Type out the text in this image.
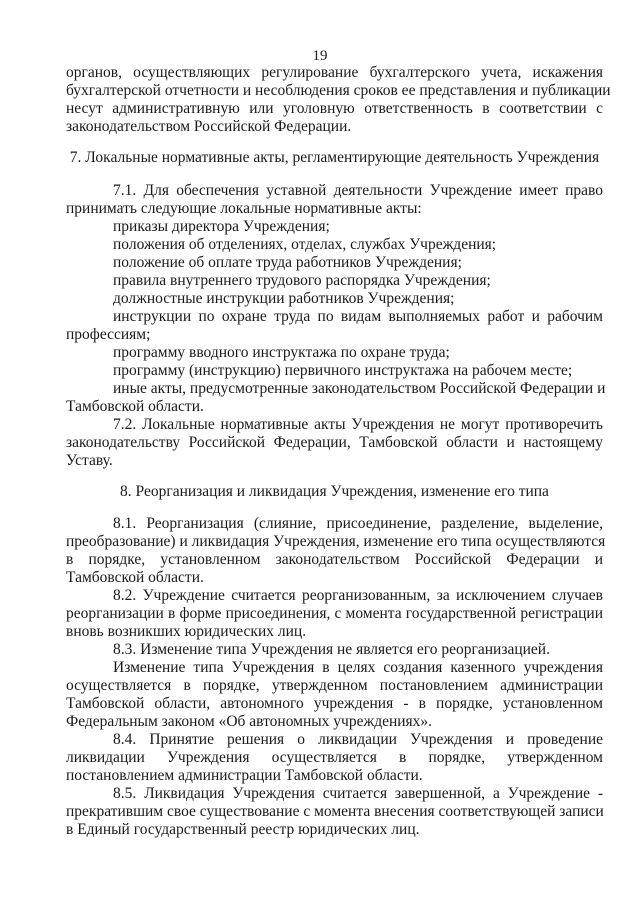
19
органов, осуществляющих регулирование бухгалтерского учета, искажения
бухгалтерской отчетности и несоблюдения сроков ее представления и публикации
несут административную или уголовную ответственность в соответствии с
законодательством Российской Федерации.
7. Локальные нормативные акты, регламентирующие деятельность Учреждения
7.1. Для обеспечения уставной деятельности Учреждение имеет право
принимать следующие локальные нормативные акты:
приказы директора Учреждения;
положения об отделениях, отделах, службах Учреждения;
положение об оплате труда работников Учреждения;
правила внутреннего трудового распорядка Учреждения;
должностные инструкции работников Учреждения;
инструкции по охране труда по видам выполняемых работ и рабочим
профессиям;
программу вводного инструктажа по охране труда;
программу (инструкцию) первичного инструктажа на рабочем месте;
иные акты, предусмотренные законодательством Российской Федерации и
Тамбовской области.
7.2. Локальные нормативные акты Учреждения не могут противоречить
законодательству Российской Федерации, Тамбовской области и настоящему
Уставу.
8. Реорганизация и ликвидация Учреждения, изменение его типа
8.1. Реорганизация (слияние, присоединение, разделение, выделение,
преобразование) и ликвидация Учреждения, изменение его типа осуществляются
в порядке, установленном законодательством Российской Федерации и
Тамбовской области.
8.2. Учреждение считается реорганизованным, за исключением случаев
реорганизации в форме присоединения, с момента государственной регистрации
вновь возникших юридических лиц.
8.3. Изменение типа Учреждения не является его реорганизацией.
Изменение типа Учреждения в целях создания казенного учреждения
осуществляется в порядке, утвержденном постановлением администрации
Тамбовской области, автономного учреждения - в порядке, установленном
Федеральным законом «Об автономных учреждениях».
8.4. Принятие решения о ликвидации Учреждения и проведение
ликвидации Учреждения осуществляется в порядке, утвержденном
постановлением администрации Тамбовской области.
8.5. Ликвидация Учреждения считается завершенной, а Учреждение -
прекратившим свое существование с момента внесения соответствующей записи
в Единый государственный реестр юридических лиц.
